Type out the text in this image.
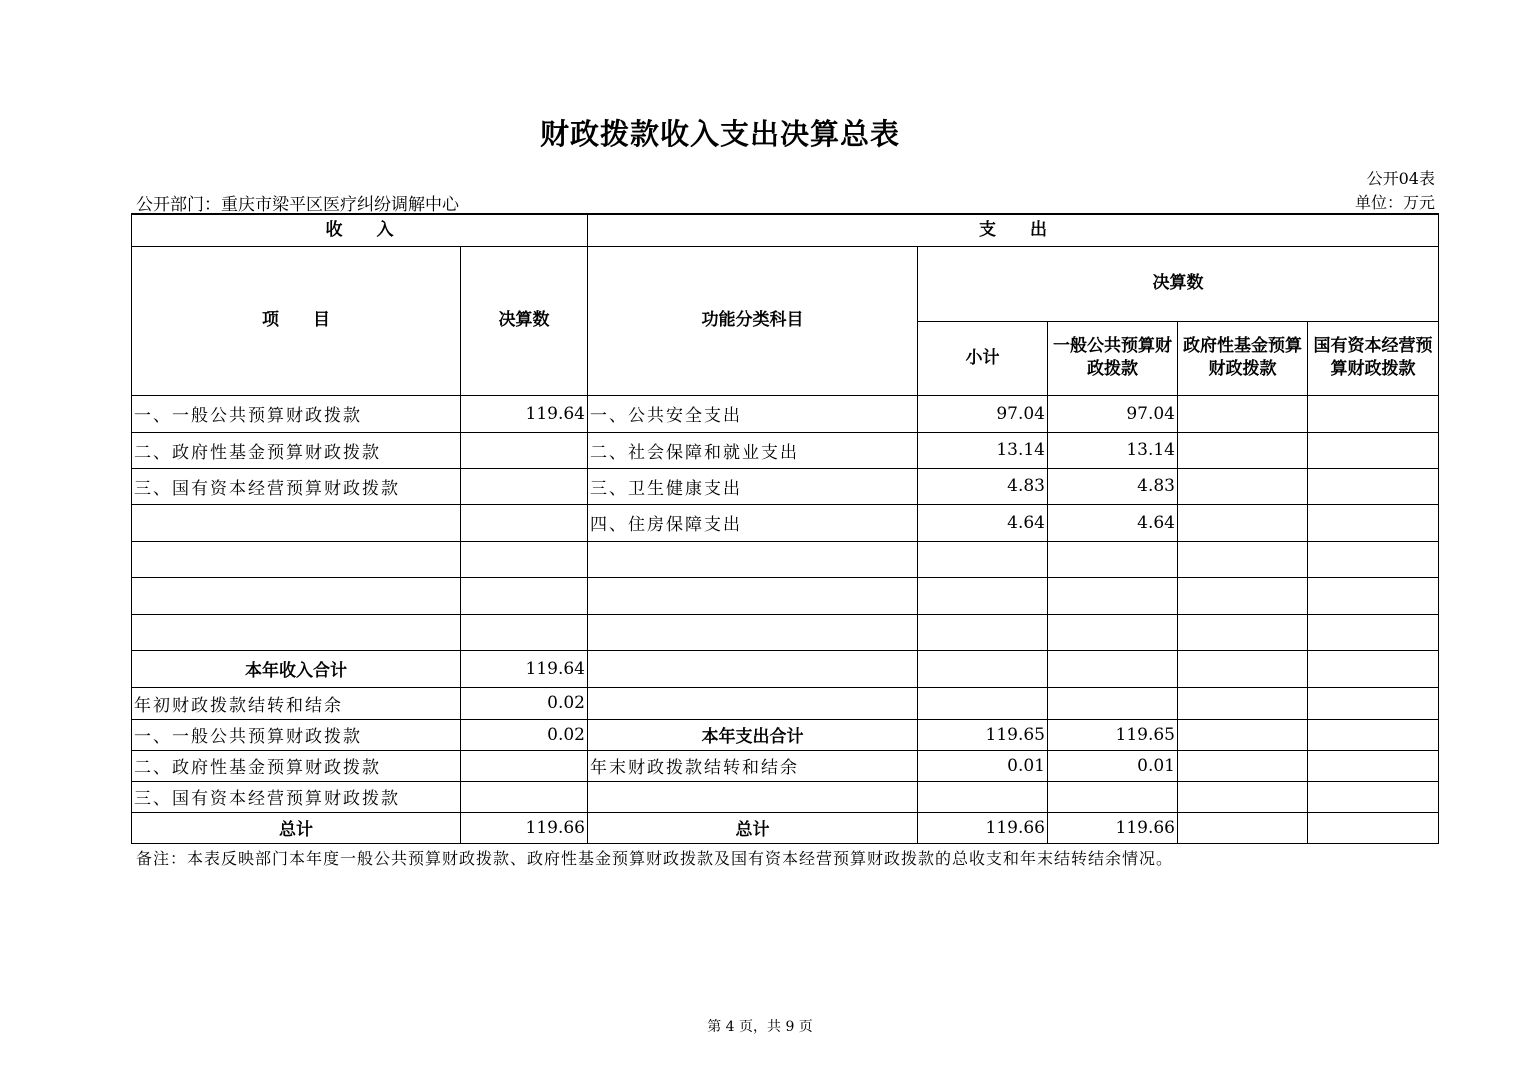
财政拨款收入支出决算总表
公开04表
公开部门：重庆市梁平区医疗纠纷调解中心	单位：万元
收　　入		支　　出				
项　　目	决算数	功能分类科目	决算数			
			小计	一般公共预算财政拨款	政府性基金预算财政拨款	国有资本经营预算财政拨款
一、一般公共预算财政拨款	119.64	一、公共安全支出	97.04	97.04		
二、政府性基金预算财政拨款		二、社会保障和就业支出	13.14	13.14		
三、国有资本经营预算财政拨款		三、卫生健康支出	4.83	4.83		
		四、住房保障支出	4.64	4.64		

本年收入合计	119.64					
年初财政拨款结转和结余	0.02					
一、一般公共预算财政拨款	0.02	本年支出合计	119.65	119.65		
二、政府性基金预算财政拨款		年末财政拨款结转和结余	0.01	0.01		
三、国有资本经营预算财政拨款						
总计	119.66	总计	119.66	119.66		
备注：本表反映部门本年度一般公共预算财政拨款、政府性基金预算财政拨款及国有资本经营预算财政拨款的总收支和年末结转结余情况。
第 4 页，共 9 页
